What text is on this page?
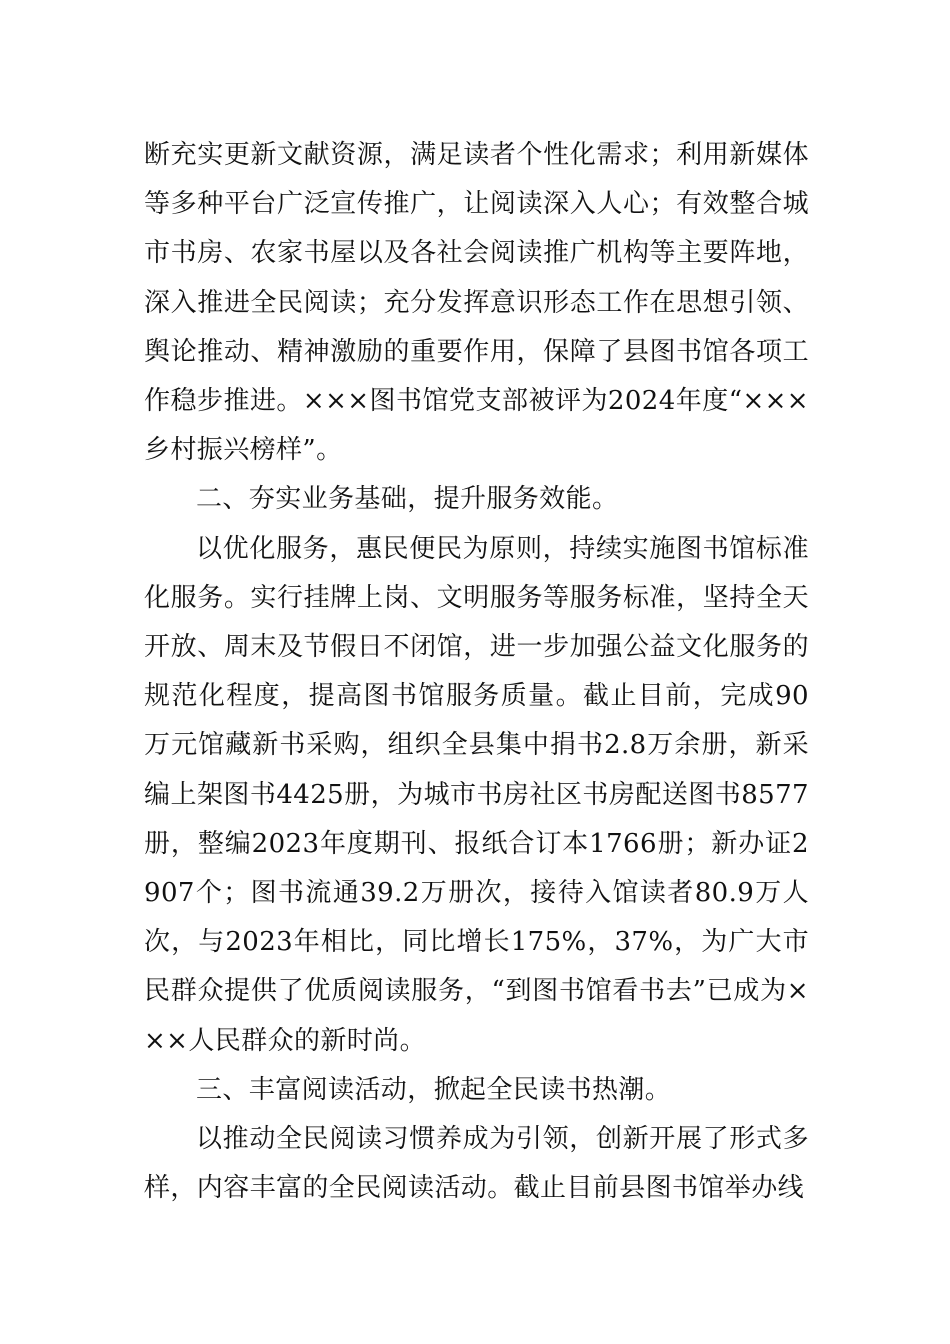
断充实更新文献资源，满足读者个性化需求；利用新媒体等多种平台广泛宣传推广，让阅读深入人心；有效整合城市书房、农家书屋以及各社会阅读推广机构等主要阵地，深入推进全民阅读；充分发挥意识形态工作在思想引领、舆论推动、精神激励的重要作用，保障了县图书馆各项工作稳步推进。×××图书馆党支部被评为2024年度“×××乡村振兴榜样”。

二、夯实业务基础，提升服务效能。

以优化服务，惠民便民为原则，持续实施图书馆标准化服务。实行挂牌上岗、文明服务等服务标准，坚持全天开放、周末及节假日不闭馆，进一步加强公益文化服务的规范化程度，提高图书馆服务质量。截止目前，完成90万元馆藏新书采购，组织全县集中捐书2.8万余册，新采编上架图书4425册，为城市书房社区书房配送图书8577册，整编2023年度期刊、报纸合订本1766册；新办证2907个；图书流通39.2万册次，接待入馆读者80.9万人次，与2023年相比，同比增长175%，37%，为广大市民群众提供了优质阅读服务，“到图书馆看书去”已成为×××人民群众的新时尚。

三、丰富阅读活动，掀起全民读书热潮。

以推动全民阅读习惯养成为引领，创新开展了形式多样，内容丰富的全民阅读活动。截止目前县图书馆举办线
